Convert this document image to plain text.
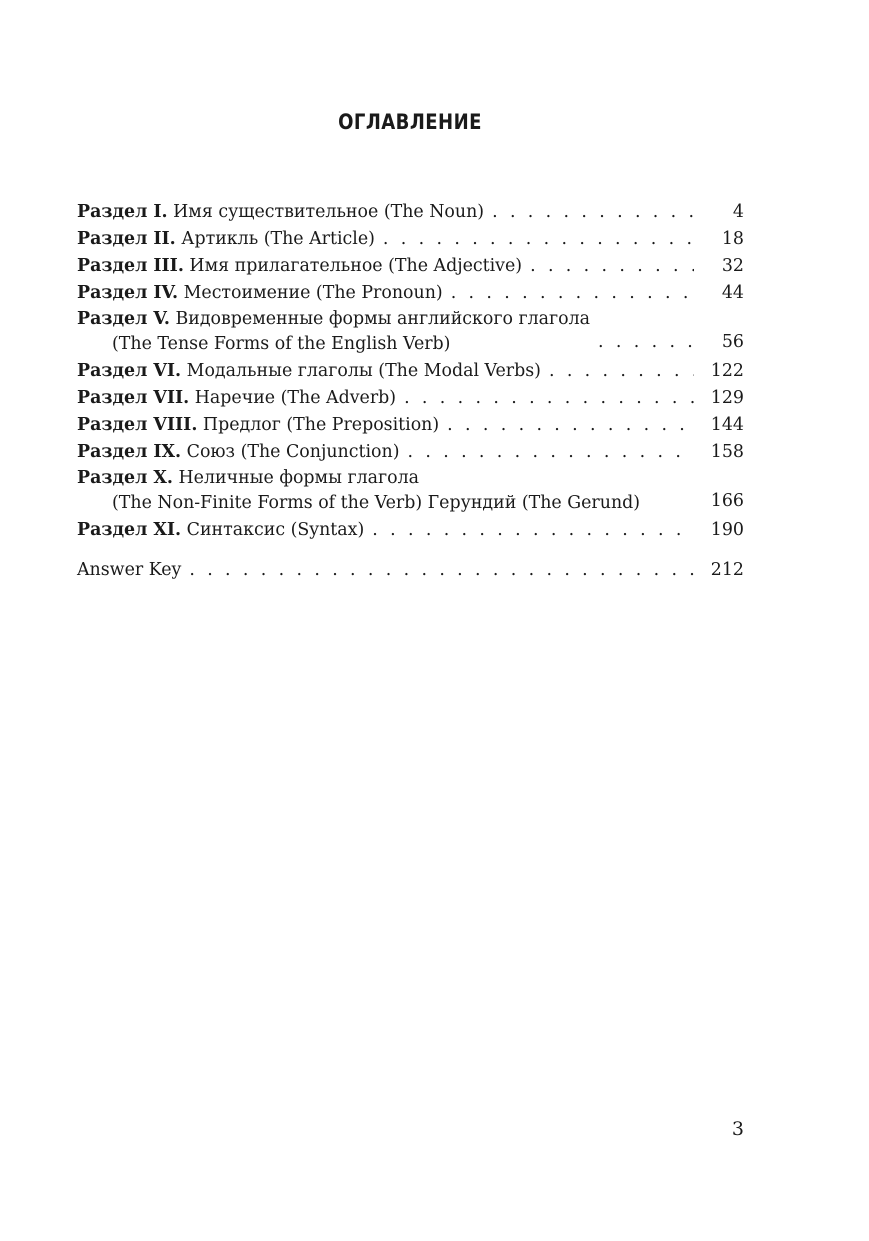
ОГЛАВЛЕНИЕ
Раздел I. Имя существительное (The Noun) . . .	4
Раздел II. Артикль (The Article) . . .	18
Раздел III. Имя прилагательное (The Adjective) . . .	32
Раздел IV. Местоимение (The Pronoun) . . .	44
Раздел V. Видовременные формы английского глагола
(The Tense Forms of the English Verb) . . .	56
Раздел VI. Модальные глаголы (The Modal Verbs) . . .	122
Раздел VII. Наречие (The Adverb) . . .	129
Раздел VIII. Предлог (The Preposition) . . .	144
Раздел IX. Союз (The Conjunction) . . .	158
Раздел X. Неличные формы глагола
(The Non-Finite Forms of the Verb) Герундий (The Gerund)	166
Раздел XI. Синтаксис (Syntax) . . .	190
Answer Key . . .	212
3
